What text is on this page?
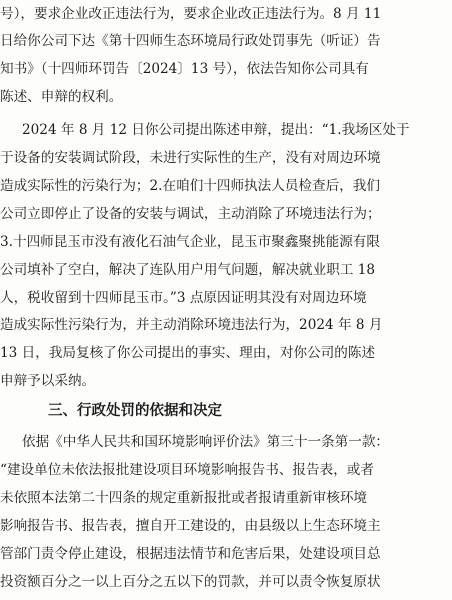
号），要求企业改正违法行为，要求企业改正违法行为。8 月 11
日给你公司下达《第十四师生态环境局行政处罚事先（听证）告
知书》（十四师环罚告〔2024〕13 号），依法告知你公司具有
陈述、申辩的权利。
2024 年 8 月 12 日你公司提出陈述申辩，提出：“1.我场区处于
于设备的安装调试阶段，未进行实际性的生产，没有对周边环境
造成实际性的污染行为；2.在咱们十四师执法人员检查后，我们
公司立即停止了设备的安装与调试，主动消除了环境违法行为；
3.十四师昆玉市没有液化石油气企业，昆玉市聚鑫聚挑能源有限
公司填补了空白，解决了连队用户用气问题，解决就业职工 18
人，税收留到十四师昆玉市。”3 点原因证明其没有对周边环境
造成实际性污染行为，并主动消除环境违法行为，2024 年 8 月
13 日，我局复核了你公司提出的事实、理由，对你公司的陈述
申辩予以采纳。
三、行政处罚的依据和决定
依据《中华人民共和国环境影响评价法》第三十一条第一款：
“建设单位未依法报批建设项目环境影响报告书、报告表，或者
未依照本法第二十四条的规定重新报批或者报请重新审核环境
影响报告书、报告表，擅自开工建设的，由县级以上生态环境主
管部门责令停止建设，根据违法情节和危害后果，处建设项目总
投资额百分之一以上百分之五以下的罚款，并可以责令恢复原状
